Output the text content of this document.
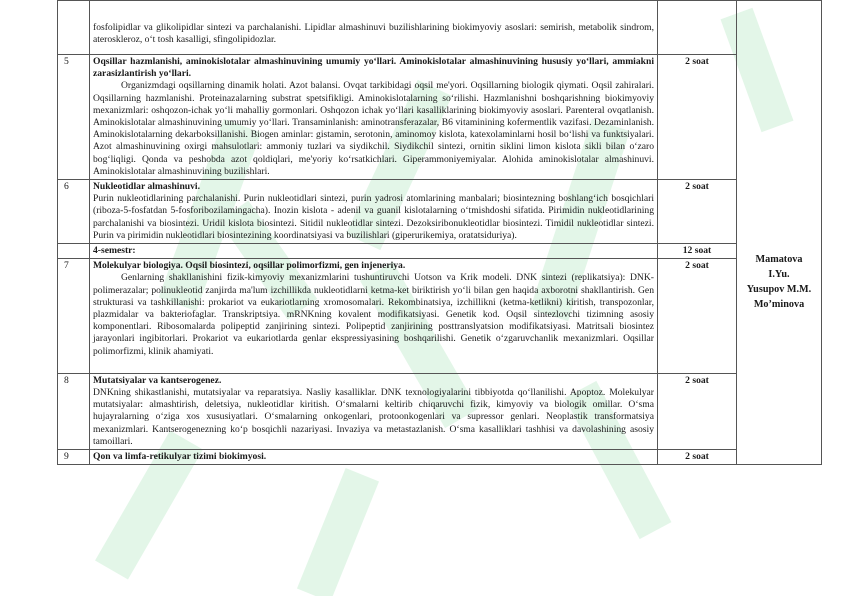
	fosfolipidlar va glikolipidlar sintezi va parchalanishi. Lipidlar almashinuvi buzilishlarining biokimyoviy asoslari: semirish, metabolik sindrom, ateroskleroz, o‘t tosh kasalligi, sfingolipidozlar.		Mamatova
I.Yu.
Yusupov M.M.
Mo’minova

5	Oqsillar hazmlanishi, aminokislotalar almashinuvining umumiy yo‘llari. Aminokislotalar almashinuvining hususiy yo‘llari, ammiakni zarasizlantirish yo‘llari.

Organizmdagi oqsillarning dinamik holati. Azot balansi. Ovqat tarkibidagi oqsil me'yori. Oqsillarning biologik qiymati. Oqsil zahiralari. Oqsillarning hazmlanishi. Proteinazalarning substrat spetsifikligi. Aminokislotalarning so‘rilishi. Hazmlanishni boshqarishning biokimyoviy mexanizmlari: oshqozon-ichak yo‘li mahalliy gormonlari. Oshqozon ichak yo‘llari kasalliklarining biokimyoviy asoslari. Parenteral ovqatlanish. Aminokislotalar almashinuvining umumiy yo‘llari. Transaminlanish: aminotransferazalar, B6 vitaminining kofermentlik vazifasi. Dezaminlanish. Aminokislotalarning dekarboksillanishi. Biogen aminlar: gistamin, serotonin, aminomoy kislota, katexolaminlarni hosil bo‘lishi va funktsiyalari. Azot almashinuvining oxirgi mahsulotlari: ammoniy tuzlari va siydikchil. Siydikchil sintezi, ornitin siklini limon kislota sikli bilan o‘zaro bog‘liqligi. Qonda va peshobda azot qoldiqlari, me'yoriy ko‘rsatkichlari. Giperammoniyemiyalar. Alohida aminokislotalar almashinuvi. Aminokislotalar almashinuvining buzilishlari.	2 soat	
6	Nukleotidlar almashinuvi.

Purin nukleotidlarining parchalanishi. Purin nukleotidlari sintezi, purin yadrosi atomlarining manbalari; biosintezning boshlang‘ich bosqichlari (riboza-5-fosfatdan 5-fosforibozilamingacha). Inozin kislota - adenil va guanil kislotalarning o‘tmishdoshi sifatida. Pirimidin nukleotidlarining parchalanishi va biosintezi. Uridil kislota biosintezi. Sitidil nukleotidlar sintezi. Dezoksiribonukleotidlar biosintezi. Timidil nukleotidlar sintezi. Purin va pirimidin nukleotidlari biosintezining koordinatsiyasi va buzilishlari (giperurikemiya, oratatsiduriya).	2 soat	
	4-semestr:	12 soat	
7	Molekulyar biologiya. Oqsil biosintezi, oqsillar polimorfizmi, gen injeneriya.

Genlarning shakllanishini fizik-kimyoviy mexanizmlarini tushuntiruvchi Uotson va Krik modeli. DNK sintezi (replikatsiya): DNK-polimerazalar; polinukleotid zanjirda ma'lum izchillikda nukleotidlarni ketma-ket biriktirish yo‘li bilan gen haqida axborotni shakllantirish. Gen strukturasi va tashkillanishi: prokariot va eukariotlarning xromosomalari. Rekombinatsiya, izchillikni (ketma-ketlikni) kiritish, transpozonlar, plazmidalar va bakteriofaglar. Transkriptsiya. mRNKning kovalent modifikatsiyasi. Genetik kod. Oqsil sintezlovchi tizimning asosiy komponentlari. Ribosomalarda polipeptid zanjirining sintezi. Polipeptid zanjirining posttranslyatsion modifikatsiyasi. Matritsali biosintez jarayonlari ingibitorlari. Prokariot va eukariotlarda genlar ekspressiyasining boshqarilishi. Genetik o‘zgaruvchanlik mexanizmlari. Oqsillar polimorfizmi, klinik ahamiyati.	2 soat	
8	Mutatsiyalar va kantserogenez.

DNKning shikastlanishi, mutatsiyalar va reparatsiya. Nasliy kasalliklar. DNK texnologiyalarini tibbiyotda qo‘llanilishi. Apoptoz. Molekulyar mutatsiyalar: almashtirish, deletsiya, nukleotidlar kiritish. O‘smalarni keltirib chiqaruvchi fizik, kimyoviy va biologik omillar. O‘sma hujayralarning o‘ziga xos xususiyatlari. O‘smalarning onkogenlari, protoonkogenlari va supressor genlari. Neoplastik transformatsiya mexanizmlari. Kantserogenezning ko‘p bosqichli nazariyasi. Invaziya va metastazlanish. O‘sma kasalliklari tashhisi va davolashining asosiy tamoillari.	2 soat	
9	Qon va limfa-retikulyar tizimi biokimyosi.	2 soat	
